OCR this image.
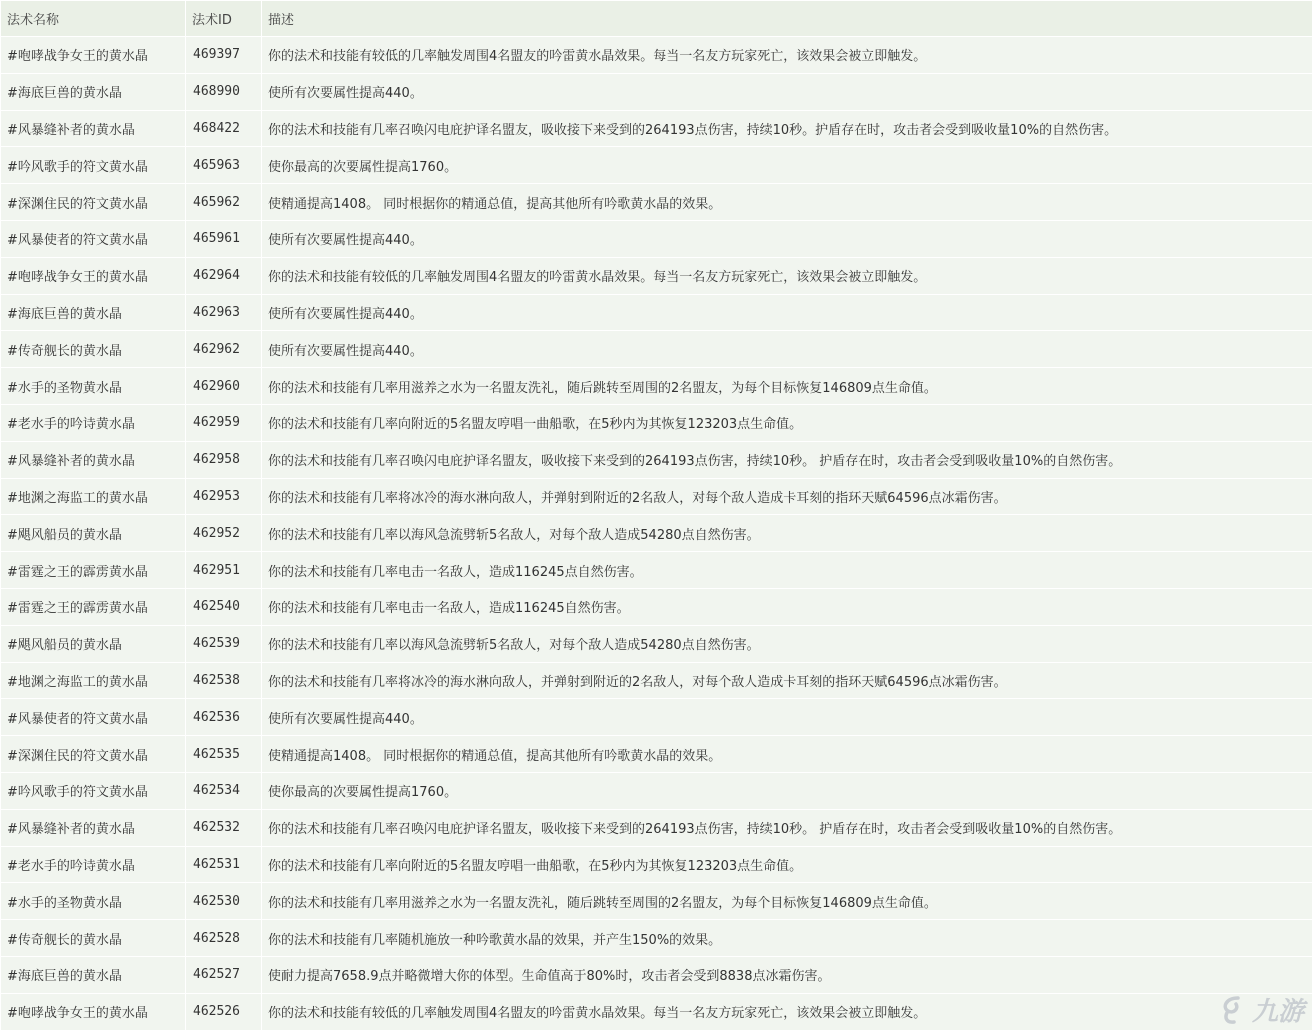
法术名称	法术ID	描述
#咆哮战争女王的黄水晶	469397	你的法术和技能有较低的几率触发周围4名盟友的吟雷黄水晶效果。每当一名友方玩家死亡，该效果会被立即触发。
#海底巨兽的黄水晶	468990	使所有次要属性提高440。
#风暴缝补者的黄水晶	468422	你的法术和技能有几率召唤闪电庇护译名盟友，吸收接下来受到的264193点伤害，持续10秒。护盾存在时，攻击者会受到吸收量10%的自然伤害。
#吟风歌手的符文黄水晶	465963	使你最高的次要属性提高1760。
#深渊住民的符文黄水晶	465962	使精通提高1408。 同时根据你的精通总值，提高其他所有吟歌黄水晶的效果。
#风暴使者的符文黄水晶	465961	使所有次要属性提高440。
#咆哮战争女王的黄水晶	462964	你的法术和技能有较低的几率触发周围4名盟友的吟雷黄水晶效果。每当一名友方玩家死亡，该效果会被立即触发。
#海底巨兽的黄水晶	462963	使所有次要属性提高440。
#传奇舰长的黄水晶	462962	使所有次要属性提高440。
#水手的圣物黄水晶	462960	你的法术和技能有几率用滋养之水为一名盟友洗礼，随后跳转至周围的2名盟友，为每个目标恢复146809点生命值。
#老水手的吟诗黄水晶	462959	你的法术和技能有几率向附近的5名盟友哼唱一曲船歌，在5秒内为其恢复123203点生命值。
#风暴缝补者的黄水晶	462958	你的法术和技能有几率召唤闪电庇护译名盟友，吸收接下来受到的264193点伤害，持续10秒。 护盾存在时，攻击者会受到吸收量10%的自然伤害。
#地渊之海监工的黄水晶	462953	你的法术和技能有几率将冰冷的海水淋向敌人，并弹射到附近的2名敌人，对每个敌人造成卡耳刻的指环天赋64596点冰霜伤害。
#飓风船员的黄水晶	462952	你的法术和技能有几率以海风急流劈斩5名敌人，对每个敌人造成54280点自然伤害。
#雷霆之王的霹雳黄水晶	462951	你的法术和技能有几率电击一名敌人，造成116245点自然伤害。
#雷霆之王的霹雳黄水晶	462540	你的法术和技能有几率电击一名敌人，造成116245自然伤害。
#飓风船员的黄水晶	462539	你的法术和技能有几率以海风急流劈斩5名敌人，对每个敌人造成54280点自然伤害。
#地渊之海监工的黄水晶	462538	你的法术和技能有几率将冰冷的海水淋向敌人，并弹射到附近的2名敌人，对每个敌人造成卡耳刻的指环天赋64596点冰霜伤害。
#风暴使者的符文黄水晶	462536	使所有次要属性提高440。
#深渊住民的符文黄水晶	462535	使精通提高1408。 同时根据你的精通总值，提高其他所有吟歌黄水晶的效果。
#吟风歌手的符文黄水晶	462534	使你最高的次要属性提高1760。
#风暴缝补者的黄水晶	462532	你的法术和技能有几率召唤闪电庇护译名盟友，吸收接下来受到的264193点伤害，持续10秒。 护盾存在时，攻击者会受到吸收量10%的自然伤害。
#老水手的吟诗黄水晶	462531	你的法术和技能有几率向附近的5名盟友哼唱一曲船歌，在5秒内为其恢复123203点生命值。
#水手的圣物黄水晶	462530	你的法术和技能有几率用滋养之水为一名盟友洗礼，随后跳转至周围的2名盟友，为每个目标恢复146809点生命值。
#传奇舰长的黄水晶	462528	你的法术和技能有几率随机施放一种吟歌黄水晶的效果，并产生150%的效果。
#海底巨兽的黄水晶	462527	使耐力提高7658.9点并略微增大你的体型。生命值高于80%时，攻击者会受到8838点冰霜伤害。
#咆哮战争女王的黄水晶	462526	你的法术和技能有较低的几率触发周围4名盟友的吟雷黄水晶效果。每当一名友方玩家死亡，该效果会被立即触发。	九游
